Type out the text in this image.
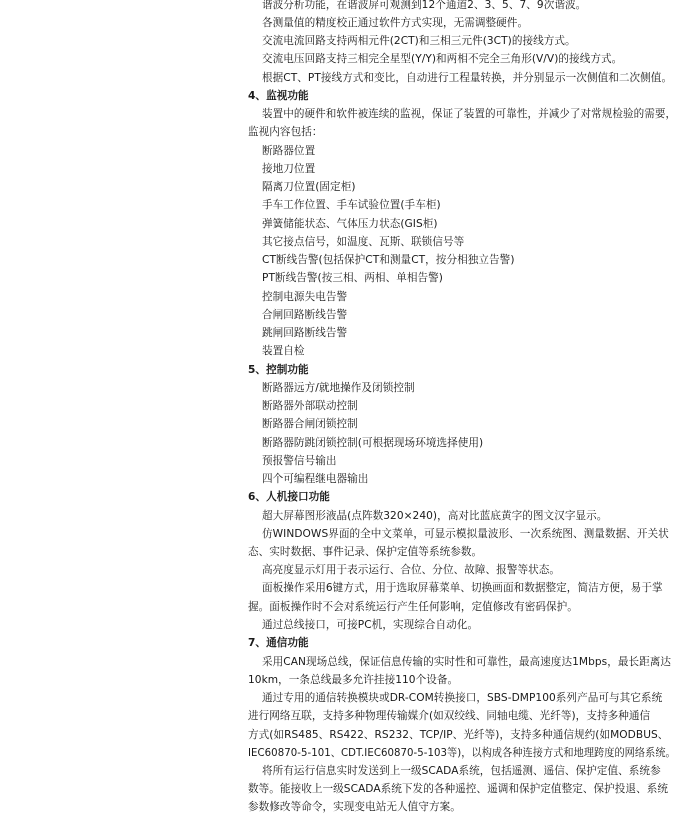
谐波分析功能，在谐波屏可观测到12个通道2、3、5、7、9次谐波。
各测量值的精度校正通过软件方式实现，无需调整硬件。
交流电流回路支持两相元件(2CT)和三相三元件(3CT)的接线方式。
交流电压回路支持三相完全星型(Y/Y)和两相不完全三角形(V/V)的接线方式。
根据CT、PT接线方式和变比，自动进行工程量转换，并分别显示一次侧值和二次侧值。
4、监视功能
装置中的硬件和软件被连续的监视，保证了装置的可靠性，并减少了对常规检验的需要，
监视内容包括：
断路器位置
接地刀位置
隔离刀位置(固定柜)
手车工作位置、手车试验位置(手车柜)
弹簧储能状态、气体压力状态(GIS柜)
其它接点信号，如温度、瓦斯、联锁信号等
CT断线告警(包括保护CT和测量CT，按分相独立告警)
PT断线告警(按三相、两相、单相告警)
控制电源失电告警
合闸回路断线告警
跳闸回路断线告警
装置自检
5、控制功能
断路器远方/就地操作及闭锁控制
断路器外部联动控制
断路器合闸闭锁控制
断路器防跳闭锁控制(可根据现场环境选择使用)
预报警信号输出
四个可编程继电器输出
6、人机接口功能
超大屏幕图形液晶(点阵数320×240)，高对比蓝底黄字的图文汉字显示。
仿WINDOWS界面的全中文菜单，可显示模拟量波形、一次系统图、测量数据、开关状
态、实时数据、事件记录、保护定值等系统参数。
高亮度显示灯用于表示运行、合位、分位、故障、报警等状态。
面板操作采用6键方式，用于选取屏幕菜单、切换画面和数据整定，简洁方便，易于掌
握。面板操作时不会对系统运行产生任何影响，定值修改有密码保护。
通过总线接口，可接PC机，实现综合自动化。
7、通信功能
采用CAN现场总线，保证信息传输的实时性和可靠性，最高速度达1Mbps，最长距离达
10km，一条总线最多允许挂接110个设备。
通过专用的通信转换模块或DR-COM转换接口，SBS-DMP100系列产品可与其它系统
进行网络互联，支持多种物理传输媒介(如双绞线、同轴电缆、光纤等)，支持多种通信
方式(如RS485、RS422、RS232、TCP/IP、光纤等)，支持多种通信规约(如MODBUS、
IEC60870-5-101、CDT.IEC60870-5-103等)，以构成各种连接方式和地理跨度的网络系统。
将所有运行信息实时发送到上一级SCADA系统，包括遥测、遥信、保护定值、系统参
数等。能接收上一级SCADA系统下发的各种遥控、遥调和保护定值整定、保护投退、系统
参数修改等命令，实现变电站无人值守方案。
